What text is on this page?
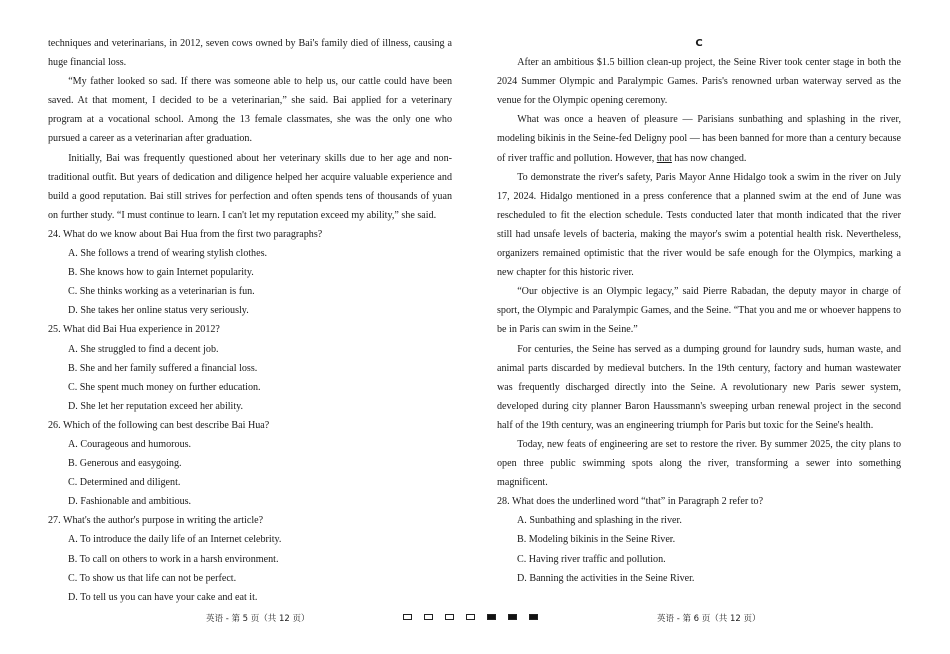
techniques and veterinarians, in 2012, seven cows owned by Bai's family died of illness, causing a huge financial loss.

“My father looked so sad. If there was someone able to help us, our cattle could have been saved. At that moment, I decided to be a veterinarian,” she said. Bai applied for a veterinary program at a vocational school. Among the 13 female classmates, she was the only one who pursued a career as a veterinarian after graduation.

Initially, Bai was frequently questioned about her veterinary skills due to her age and non-traditional outfit. But years of dedication and diligence helped her acquire valuable experience and build a good reputation. Bai still strives for perfection and often spends tens of thousands of yuan on further study. “I must continue to learn. I can't let my reputation exceed my ability,” she said.

24. What do we know about Bai Hua from the first two paragraphs?

A. She follows a trend of wearing stylish clothes.

B. She knows how to gain Internet popularity.

C. She thinks working as a veterinarian is fun.

D. She takes her online status very seriously.

25. What did Bai Hua experience in 2012?

A. She struggled to find a decent job.

B. She and her family suffered a financial loss.

C. She spent much money on further education.

D. She let her reputation exceed her ability.

26. Which of the following can best describe Bai Hua?

A. Courageous and humorous.

B. Generous and easygoing.

C. Determined and diligent.

D. Fashionable and ambitious.

27. What's the author's purpose in writing the article?

A. To introduce the daily life of an Internet celebrity.

B. To call on others to work in a harsh environment.

C. To show us that life can not be perfect.

D. To tell us you can have your cake and eat it.

C

After an ambitious $1.5 billion clean-up project, the Seine River took center stage in both the 2024 Summer Olympic and Paralympic Games. Paris's renowned urban waterway served as the venue for the Olympic opening ceremony.

What was once a heaven of pleasure — Parisians sunbathing and splashing in the river, modeling bikinis in the Seine-fed Deligny pool — has been banned for more than a century because of river traffic and pollution. However, that has now changed.

To demonstrate the river's safety, Paris Mayor Anne Hidalgo took a swim in the river on July 17, 2024. Hidalgo mentioned in a press conference that a planned swim at the end of June was rescheduled to fit the election schedule. Tests conducted later that month indicated that the river still had unsafe levels of bacteria, making the mayor's swim a potential health risk. Nevertheless, organizers remained optimistic that the river would be safe enough for the Olympics, marking a new chapter for this historic river.

“Our objective is an Olympic legacy,” said Pierre Rabadan, the deputy mayor in charge of sport, the Olympic and Paralympic Games, and the Seine. “That you and me or whoever happens to be in Paris can swim in the Seine.”

For centuries, the Seine has served as a dumping ground for laundry suds, human waste, and animal parts discarded by medieval butchers. In the 19th century, factory and human wastewater was frequently discharged directly into the Seine. A revolutionary new Paris sewer system, developed during city planner Baron Haussmann's sweeping urban renewal project in the second half of the 19th century, was an engineering triumph for Paris but toxic for the Seine's health.

Today, new feats of engineering are set to restore the river. By summer 2025, the city plans to open three public swimming spots along the river, transforming a sewer into something magnificent.

28. What does the underlined word “that” in Paragraph 2 refer to?

A. Sunbathing and splashing in the river.

B. Modeling bikinis in the Seine River.

C. Having river traffic and pollution.

D. Banning the activities in the Seine River.

英语 - 第 5 页（共 12 页）	英语 - 第 6 页（共 12 页）
